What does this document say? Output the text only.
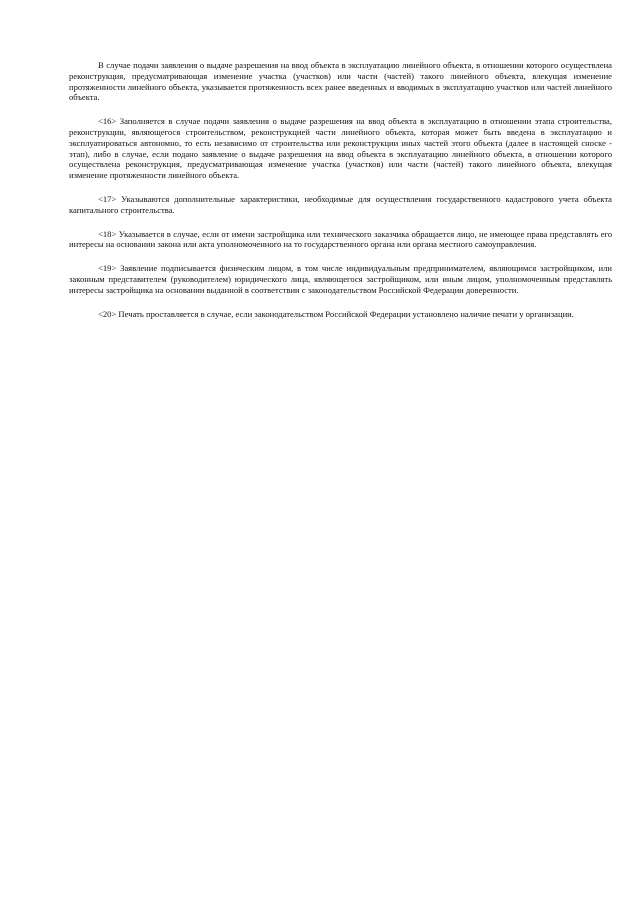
В случае подачи заявления о выдаче разрешения на ввод объекта в эксплуатацию линейного объекта, в отношении которого осуществлена реконструкция, предусматривающая изменение участка (участков) или части (частей) такого линейного объекта, влекущая изменение протяженности линейного объекта, указывается протяженность всех ранее введенных и вводимых в эксплуатацию участков или частей линейного объекта.

<16> Заполняется в случае подачи заявления о выдаче разрешения на ввод объекта в эксплуатацию в отношении этапа строительства, реконструкции, являющегося строительством, реконструкцией части линейного объекта, которая может быть введена в эксплуатацию и эксплуатироваться автономно, то есть независимо от строительства или реконструкции иных частей этого объекта (далее в настоящей сноске - этап), либо в случае, если подано заявление о выдаче разрешения на ввод объекта в эксплуатацию линейного объекта, в отношении которого осуществлена реконструкция, предусматривающая изменение участка (участков) или части (частей) такого линейного объекта, влекущая изменение протяженности линейного объекта.

<17> Указываются дополнительные характеристики, необходимые для осуществления государственного кадастрового учета объекта капитального строительства.

<18> Указывается в случае, если от имени застройщика или технического заказчика обращается лицо, не имеющее права представлять его интересы на основании закона или акта уполномоченного на то государственного органа или органа местного самоуправления.

<19> Заявление подписывается физическим лицом, в том числе индивидуальным предпринимателем, являющимся застройщиком, или законным представителем (руководителем) юридического лица, являющегося застройщиком, или иным лицом, уполномоченным представлять интересы застройщика на основании выданной в соответствии с законодательством Российской Федерации доверенности.

<20> Печать проставляется в случае, если законодательством Российской Федерации установлено наличие печати у организации.
